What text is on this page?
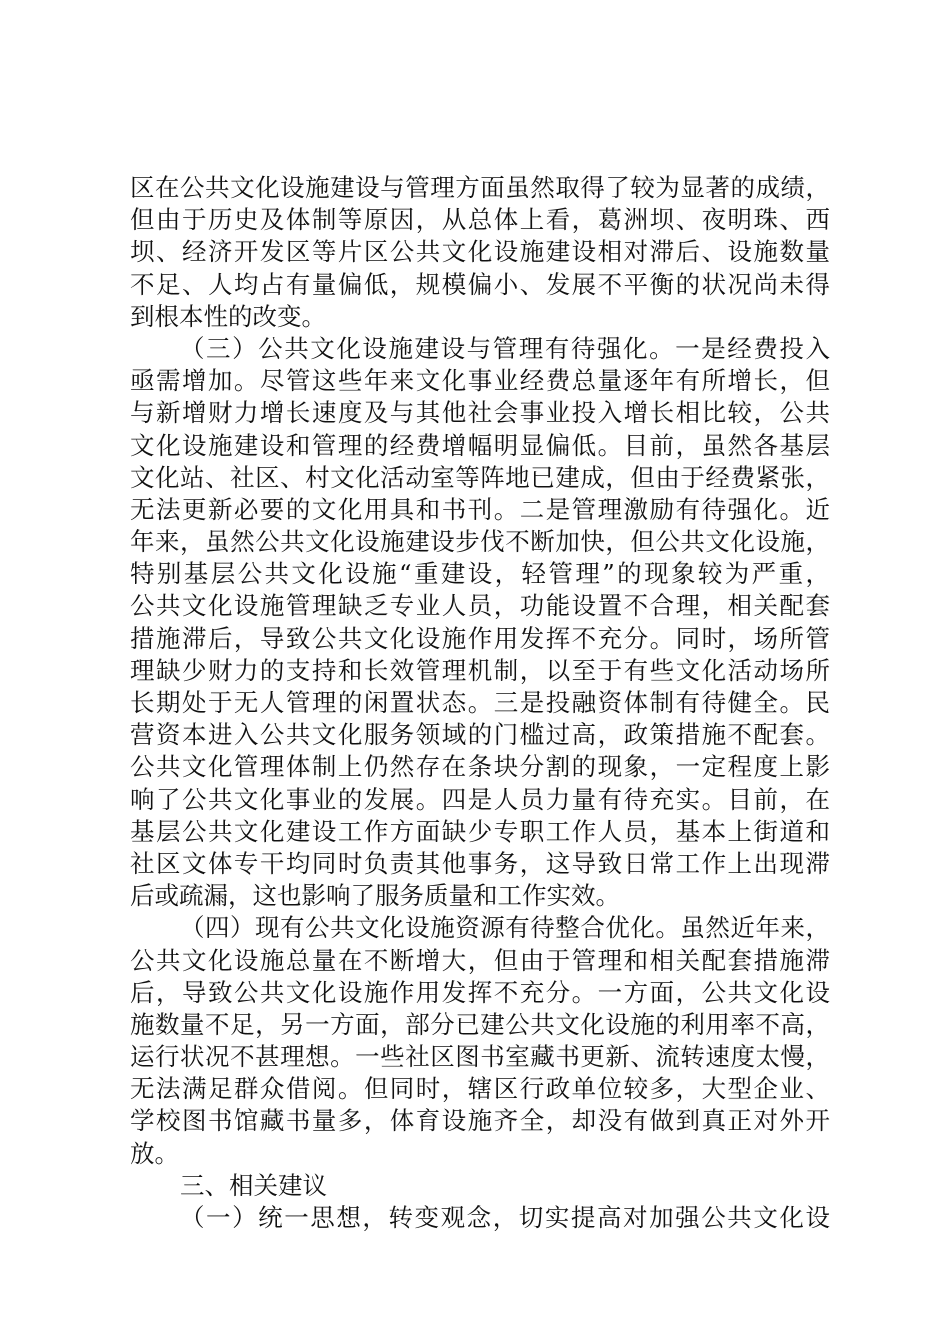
区在公共文化设施建设与管理方面虽然取得了较为显著的成绩，
但由于历史及体制等原因，从总体上看，葛洲坝、夜明珠、西
坝、经济开发区等片区公共文化设施建设相对滞后、设施数量
不足、人均占有量偏低，规模偏小、发展不平衡的状况尚未得
到根本性的改变。
（三）公共文化设施建设与管理有待强化。一是经费投入
亟需增加。尽管这些年来文化事业经费总量逐年有所增长，但
与新增财力增长速度及与其他社会事业投入增长相比较，公共
文化设施建设和管理的经费增幅明显偏低。目前，虽然各基层
文化站、社区、村文化活动室等阵地已建成，但由于经费紧张，
无法更新必要的文化用具和书刊。二是管理激励有待强化。近
年来，虽然公共文化设施建设步伐不断加快，但公共文化设施，
特别基层公共文化设施“重建设，轻管理”的现象较为严重，
公共文化设施管理缺乏专业人员，功能设置不合理，相关配套
措施滞后，导致公共文化设施作用发挥不充分。同时，场所管
理缺少财力的支持和长效管理机制，以至于有些文化活动场所
长期处于无人管理的闲置状态。三是投融资体制有待健全。民
营资本进入公共文化服务领域的门槛过高，政策措施不配套。
公共文化管理体制上仍然存在条块分割的现象，一定程度上影
响了公共文化事业的发展。四是人员力量有待充实。目前，在
基层公共文化建设工作方面缺少专职工作人员，基本上街道和
社区文体专干均同时负责其他事务，这导致日常工作上出现滞
后或疏漏，这也影响了服务质量和工作实效。
（四）现有公共文化设施资源有待整合优化。虽然近年来，
公共文化设施总量在不断增大，但由于管理和相关配套措施滞
后，导致公共文化设施作用发挥不充分。一方面，公共文化设
施数量不足，另一方面，部分已建公共文化设施的利用率不高，
运行状况不甚理想。一些社区图书室藏书更新、流转速度太慢，
无法满足群众借阅。但同时，辖区行政单位较多，大型企业、
学校图书馆藏书量多，体育设施齐全，却没有做到真正对外开
放。
三、相关建议
（一）统一思想，转变观念，切实提高对加强公共文化设
